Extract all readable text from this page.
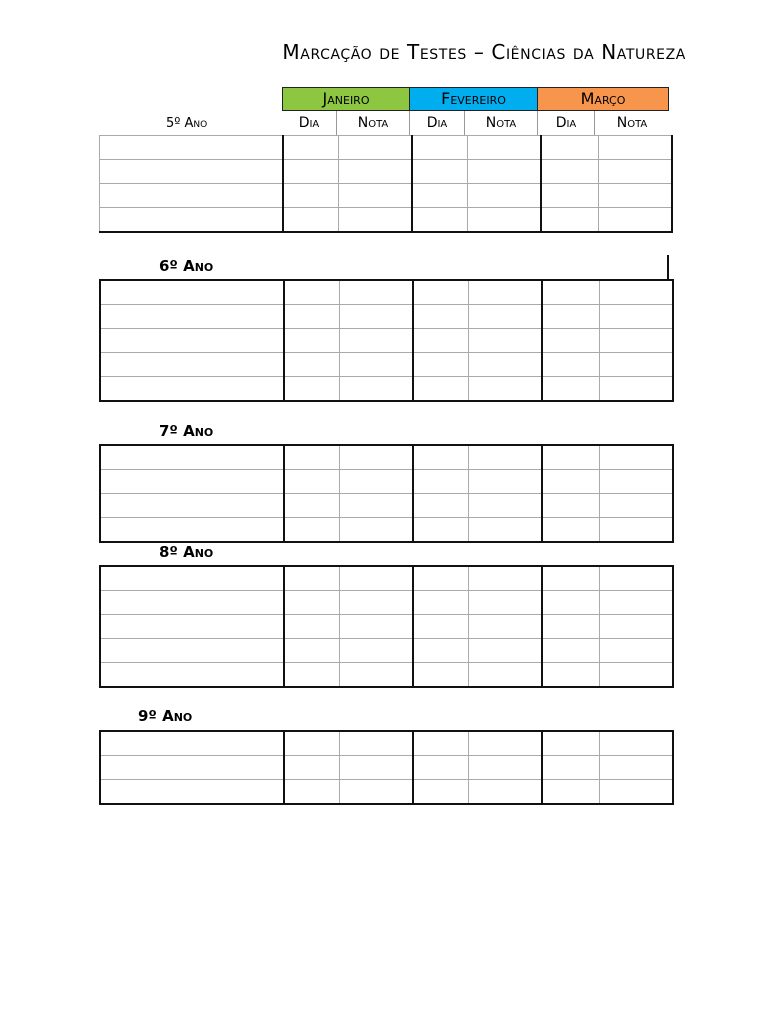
Marcação de Testes – Ciências da Natureza
Janeiro	Fevereiro	Março
5º Ano	Dia	Nota	Dia	Nota	Dia	Nota

6º Ano

7º Ano

8º Ano

9º Ano
